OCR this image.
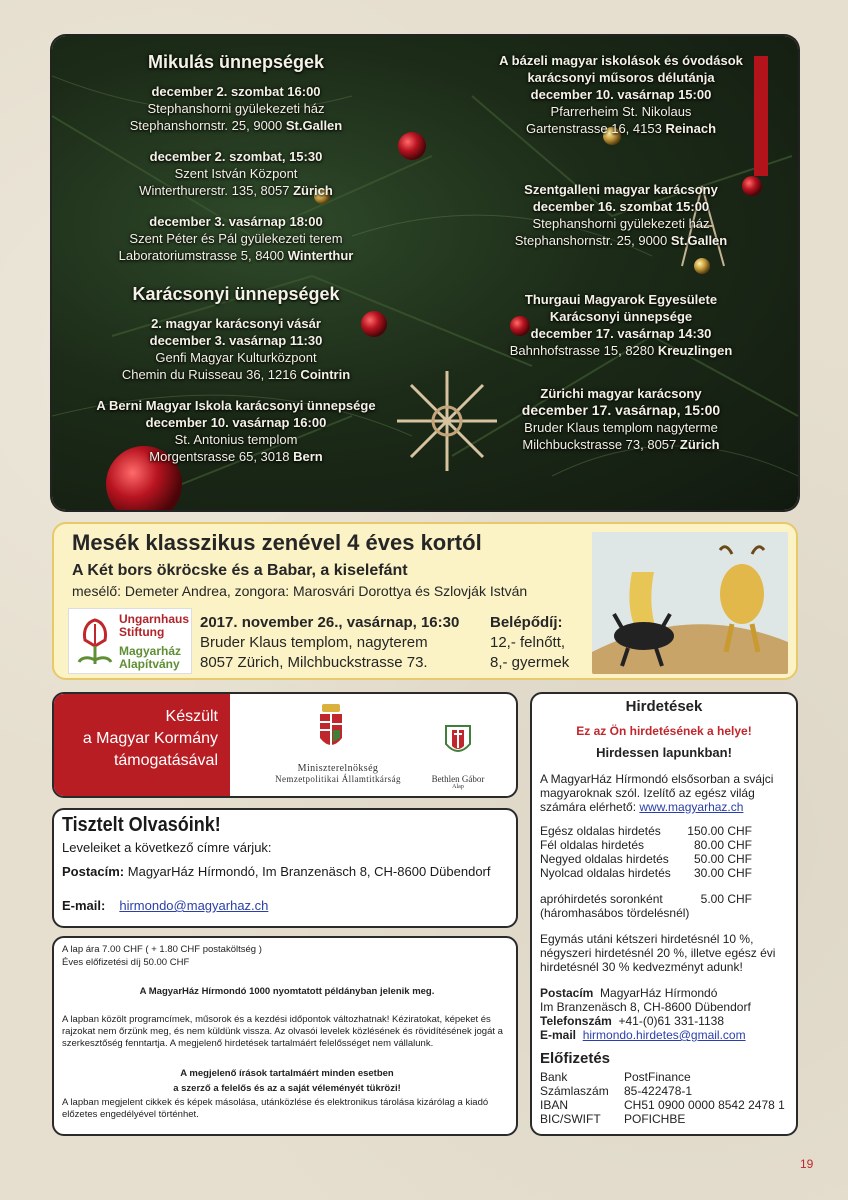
Mikulás ünnepségek
december 2. szombat 16:00
Stephanshorni gyülekezeti ház
Stephanshornstr. 25, 9000 St.Gallen
december 2. szombat, 15:30
Szent István Központ
Winterthurerstr. 135, 8057 Zürich
december 3. vasárnap 18:00
Szent Péter és Pál gyülekezeti terem
Laboratoriumstrasse 5, 8400 Winterthur
Karácsonyi ünnepségek
2. magyar karácsonyi vásár
december 3. vasárnap 11:30
Genfi Magyar Kulturközpont
Chemin du Ruisseau 36, 1216 Cointrin
A Berni Magyar Iskola karácsonyi ünnepsége
december 10. vasárnap 16:00
St. Antonius templom
Morgentsrasse 65, 3018 Bern
A bázeli magyar iskolások és óvodások
karácsonyi műsoros délutánja
december 10. vasárnap 15:00
Pfarrerheim St. Nikolaus
Gartenstrasse 16, 4153 Reinach
Szentgalleni magyar karácsony
december 16. szombat 15:00
Stephanshorni gyülekezeti ház
Stephanshornstr. 25, 9000 St.Gallen
Thurgaui Magyarok Egyesülete
Karácsonyi ünnepsége
december 17. vasárnap 14:30
Bahnhofstrasse 15, 8280 Kreuzlingen
Zürichi magyar karácsony
december 17. vasárnap, 15:00
Bruder Klaus templom nagyterme
Milchbuckstrasse 73, 8057 Zürich
Mesék klasszikus zenével 4 éves kortól
A Két bors ökröcske és a Babar, a kiselefánt
mesélő: Demeter Andrea, zongora: Marosvári Dorottya és Szlovják István
Ungarnhaus
Stiftung
Magyarház
Alapítvány
2017. november 26., vasárnap, 16:30
Bruder Klaus templom, nagyterem
8057 Zürich, Milchbuckstrasse 73.
Belépődíj:
12,- felnőtt,
8,- gyermek
Készült
a Magyar Kormány
támogatásával	Miniszterelnökség
Nemzetpolitikai Államtitkárság	Bethlen Gábor
Alap
Tisztelt Olvasóink!
Leveleiket a következő címre várjuk:
Postacím: MagyarHáz Hírmondó, Im Branzenäsch 8, CH-8600 Dübendorf
E-mail: hirmondo@magyarhaz.ch

A lap ára 7.00 CHF ( + 1.80 CHF postaköltség )

Éves előfizetési díj 50.00 CHF

A MagyarHáz Hírmondó 1000 nyomtatott példányban jelenik meg.

A lapban közölt programcímek, műsorok és a kezdési időpontok változhatnak! Kéziratokat, képeket és rajzokat nem őrzünk meg, és nem küldünk vissza. Az olvasói levelek közlésének és rövidítésének jogát a szerkesztőség fenntartja. A megjelenő hirdetések tartalmáért felelősséget nem vállalunk.

A megjelenő írások tartalmáért minden esetben

a szerző a felelős és az a saját véleményét tükrözi!

A lapban megjelent cikkek és képek másolása, utánközlése és elektronikus tárolása kizárólag a kiadó előzetes engedélyével történhet.

Hirdetések
Ez az Ön hirdetésének a helye!
Hirdessen lapunkban!
A MagyarHáz Hírmondó elsősorban a svájci magyaroknak szól. Izelítő az egész világ számára elérhető: www.magyarhaz.ch
Egész oldalas hirdetés 150.00 CHF
Fél oldalas hirdetés	80.00 CHF
Negyed oldalas hirdetés 50.00 CHF
Nyolcad oldalas hirdetés 30.00 CHF
apróhirdetés soronként	5.00 CHF
(háromhasábos tördelésnél)
Egymás utáni kétszeri hirdetésnél 10 %, négyszeri hirdetésnél 20 %, illetve egész évi hirdetésnél 30 % kedvezményt adunk!
Postacím MagyarHáz Hírmondó
Im Branzenäsch 8, CH-8600 Dübendorf
Telefonszám +41-(0)61 331-1138
E-mail hirmondo.hirdetes@gmail.com
Előfizetés
Bank	PostFinance
Számlaszám	85-422478-1
IBAN	CH51 0900 0000 8542 2478 1
BIC/SWIFT	POFICHBE
19
